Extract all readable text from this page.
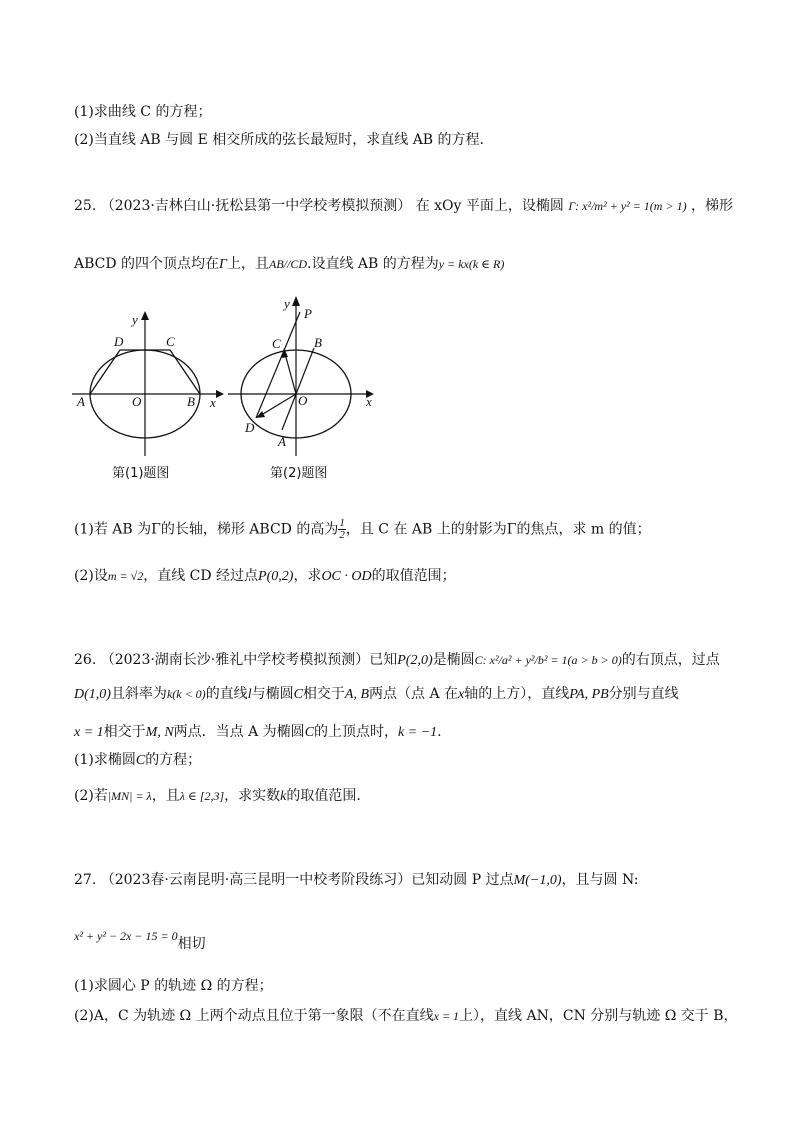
(1)求曲线 C 的方程；
(2)当直线 AB 与圆 E 相交所成的弦长最短时，求直线 AB 的方程.
25. （2023·吉林白山·抚松县第一中学校考模拟预测） 在 xOy 平面上，设椭圆 Γ: x²/m² + y² = 1(m > 1) ，梯形
ABCD 的四个顶点均在Γ上，且AB//CD.设直线 AB 的方程为y = kx(k ∈ R)
y
D	C
A	O	B x
第(1)题图
y
P
C	B
O	x
D
A
第(2)题图
(1)若 AB 为Γ的长轴，梯形 ABCD 的高为 $\frac{1}{2}$ ，且 C 在 AB 上的射影为Γ的焦点，求 m 的值；
(2)设m = √2，直线 CD 经过点P(0,2)，求OC · OD的取值范围；
26. （2023·湖南长沙·雅礼中学校考模拟预测）已知P(2,0)是椭圆C: x²/a² + y²/b² = 1(a > b > 0)的右顶点，过点
D(1,0)且斜率为k(k < 0)的直线l与椭圆C相交于A, B两点（点 A 在x轴的上方），直线PA, PB分别与直线
x = 1相交于M, N两点．当点 A 为椭圆C的上顶点时，k = −1.
(1)求椭圆C的方程；
(2)若|MN| = λ，且λ ∈ [2,3]，求实数k的取值范围.
27. （2023春·云南昆明·高三昆明一中校考阶段练习）已知动圆 P 过点M(−1,0)，且与圆 N:
x² + y² − 2x − 15 = 0相切
(1)求圆心 P 的轨迹 Ω 的方程；
(2)A，C 为轨迹 Ω 上两个动点且位于第一象限（不在直线x = 1上），直线 AN，CN 分别与轨迹 Ω 交于 B，
